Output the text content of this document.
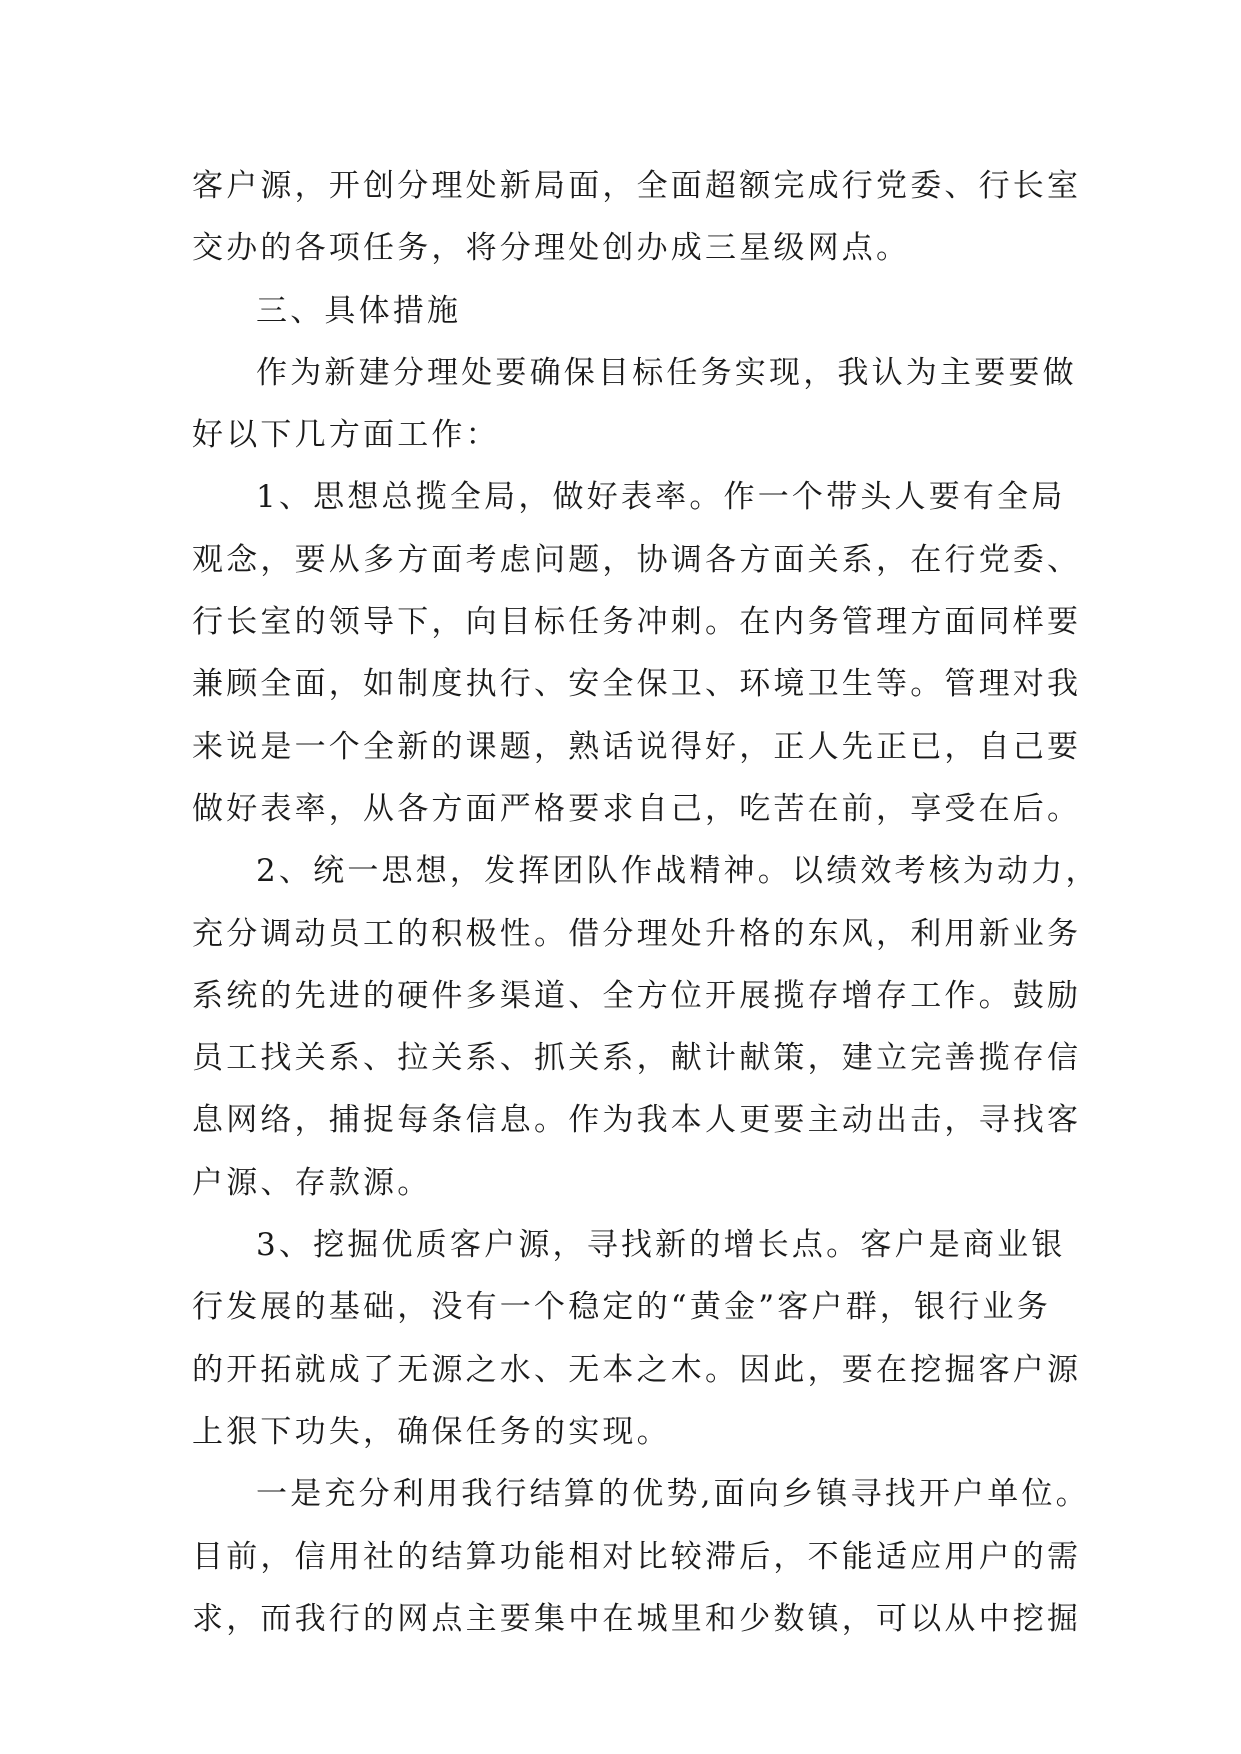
客户源，开创分理处新局面，全面超额完成行党委、行长室
交办的各项任务，将分理处创办成三星级网点。
三、具体措施
作为新建分理处要确保目标任务实现，我认为主要要做
好以下几方面工作：
1、思想总揽全局，做好表率。作一个带头人要有全局
观念，要从多方面考虑问题，协调各方面关系，在行党委、
行长室的领导下，向目标任务冲刺。在内务管理方面同样要
兼顾全面，如制度执行、安全保卫、环境卫生等。管理对我
来说是一个全新的课题，熟话说得好，正人先正已，自己要
做好表率，从各方面严格要求自己，吃苦在前，享受在后。
2、统一思想，发挥团队作战精神。以绩效考核为动力，
充分调动员工的积极性。借分理处升格的东风，利用新业务
系统的先进的硬件多渠道、全方位开展揽存增存工作。鼓励
员工找关系、拉关系、抓关系，献计献策，建立完善揽存信
息网络，捕捉每条信息。作为我本人更要主动出击，寻找客
户源、存款源。
3、挖掘优质客户源，寻找新的增长点。客户是商业银
行发展的基础，没有一个稳定的“黄金”客户群，银行业务
的开拓就成了无源之水、无本之木。因此，要在挖掘客户源
上狠下功失，确保任务的实现。
一是充分利用我行结算的优势,面向乡镇寻找开户单位。
目前，信用社的结算功能相对比较滞后，不能适应用户的需
求，而我行的网点主要集中在城里和少数镇，可以从中挖掘
